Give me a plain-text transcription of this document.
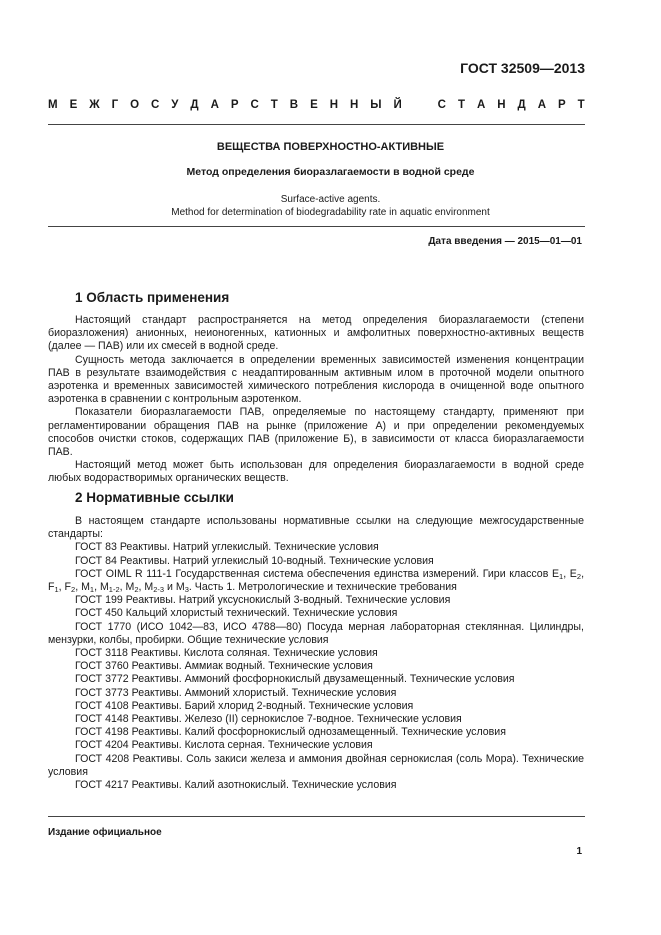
ГОСТ 32509—2013
М Е Ж Г О С У Д А Р С Т В Е Н Н Ы Й	С Т А Н Д А Р Т
ВЕЩЕСТВА ПОВЕРХНОСТНО-АКТИВНЫЕ
Метод определения биоразлагаемости в водной среде
Surface-active agents.
Method for determination of biodegradability rate in aquatic environment
Дата введения — 2015—01—01
1 Область применения

Настоящий стандарт распространяется на метод определения биоразлагаемости (степени биоразложения) анионных, неионогенных, катионных и амфолитных поверхностно-активных веществ (далее — ПАВ) или их смесей в водной среде.

Сущность метода заключается в определении временных зависимостей изменения концентрации ПАВ в результате взаимодействия с неадаптированным активным илом в проточной модели опытного аэротенка и временных зависимостей химического потребления кислорода в очищенной воде опытного аэротенка в сравнении с контрольным аэротенком.

Показатели биоразлагаемости ПАВ, определяемые по настоящему стандарту, применяют при регламентировании обращения ПАВ на рынке (приложение А) и при определении рекомендуемых способов очистки стоков, содержащих ПАВ (приложение Б), в зависимости от класса биоразлагаемости ПАВ.

Настоящий метод может быть использован для определения биоразлагаемости в водной среде любых водорастворимых органических веществ.

2 Нормативные ссылки

В настоящем стандарте использованы нормативные ссылки на следующие межгосударственные стандарты:

ГОСТ 83 Реактивы. Натрий углекислый. Технические условия

ГОСТ 84 Реактивы. Натрий углекислый 10-водный. Технические условия

ГОСТ OIML R 111-1 Государственная система обеспечения единства измерений. Гири классов $E_1$, $E_2$, $F_1$, $F_2$, $M_1$, $M_{1-2}$, $M_2$, $M_{2-3}$ и $M_3$. Часть 1. Метрологические и технические требования

ГОСТ 199 Реактивы. Натрий уксуснокислый 3-водный. Технические условия

ГОСТ 450 Кальций хлористый технический. Технические условия

ГОСТ 1770 (ИСО 1042—83, ИСО 4788—80) Посуда мерная лабораторная стеклянная. Цилиндры, мензурки, колбы, пробирки. Общие технические условия

ГОСТ 3118 Реактивы. Кислота соляная. Технические условия

ГОСТ 3760 Реактивы. Аммиак водный. Технические условия

ГОСТ 3772 Реактивы. Аммоний фосфорнокислый двузамещенный. Технические условия

ГОСТ 3773 Реактивы. Аммоний хлористый. Технические условия

ГОСТ 4108 Реактивы. Барий хлорид 2-водный. Технические условия

ГОСТ 4148 Реактивы. Железо (II) сернокислое 7-водное. Технические условия

ГОСТ 4198 Реактивы. Калий фосфорнокислый однозамещенный. Технические условия

ГОСТ 4204 Реактивы. Кислота серная. Технические условия

ГОСТ 4208 Реактивы. Соль закиси железа и аммония двойная сернокислая (соль Мора). Технические условия

ГОСТ 4217 Реактивы. Калий азотнокислый. Технические условия

Издание официальное
1
